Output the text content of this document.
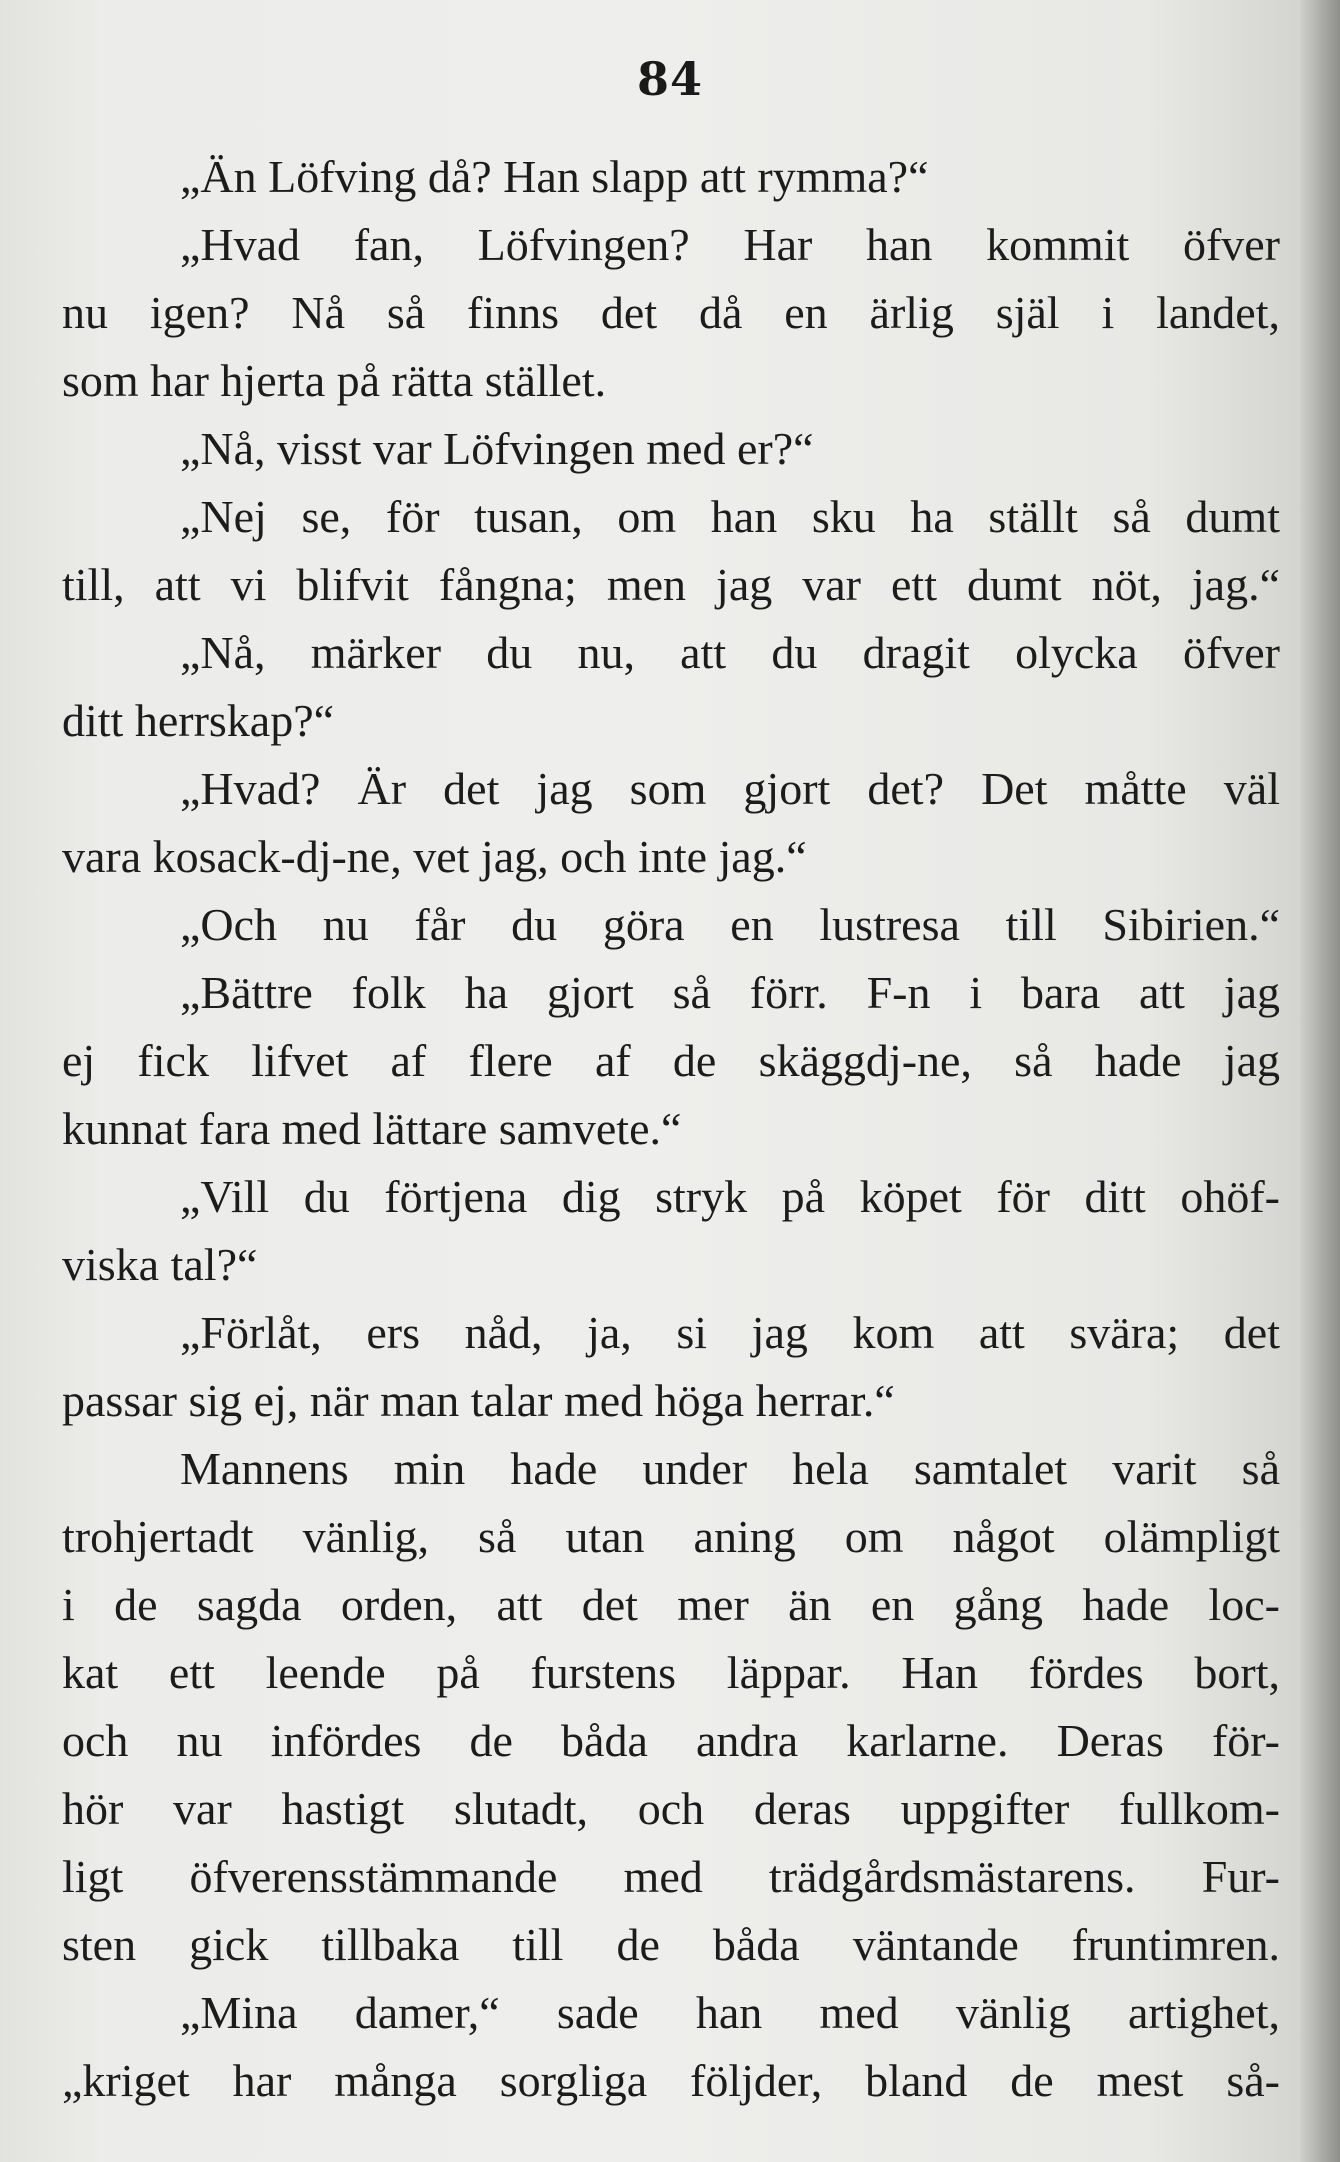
84
„Än Löfving då? Han slapp att rymma?“
„Hvad fan, Löfvingen? Har han kommit öfver
nu igen? Nå så finns det då en ärlig själ i landet,
som har hjerta på rätta stället.
„Nå, visst var Löfvingen med er?“
„Nej se, för tusan, om han sku ha ställt så dumt
till, att vi blifvit fångna; men jag var ett dumt nöt, jag.“
„Nå, märker du nu, att du dragit olycka öfver
ditt herrskap?“
„Hvad? Är det jag som gjort det? Det måtte väl
vara kosack-dj-ne, vet jag, och inte jag.“
„Och nu får du göra en lustresa till Sibirien.“
„Bättre folk ha gjort så förr. F-n i bara att jag
ej fick lifvet af flere af de skäggdj-ne, så hade jag
kunnat fara med lättare samvete.“
„Vill du förtjena dig stryk på köpet för ditt ohöf-
viska tal?“
„Förlåt, ers nåd, ja, si jag kom att svära; det
passar sig ej, när man talar med höga herrar.“
Mannens min hade under hela samtalet varit så
trohjertadt vänlig, så utan aning om något olämpligt
i de sagda orden, att det mer än en gång hade loc-
kat ett leende på furstens läppar. Han fördes bort,
och nu infördes de båda andra karlarne. Deras för-
hör var hastigt slutadt, och deras uppgifter fullkom-
ligt öfverensstämmande med trädgårdsmästarens. Fur-
sten gick tillbaka till de båda väntande fruntimren.
„Mina damer,“ sade han med vänlig artighet,
„kriget har många sorgliga följder, bland de mest så-
